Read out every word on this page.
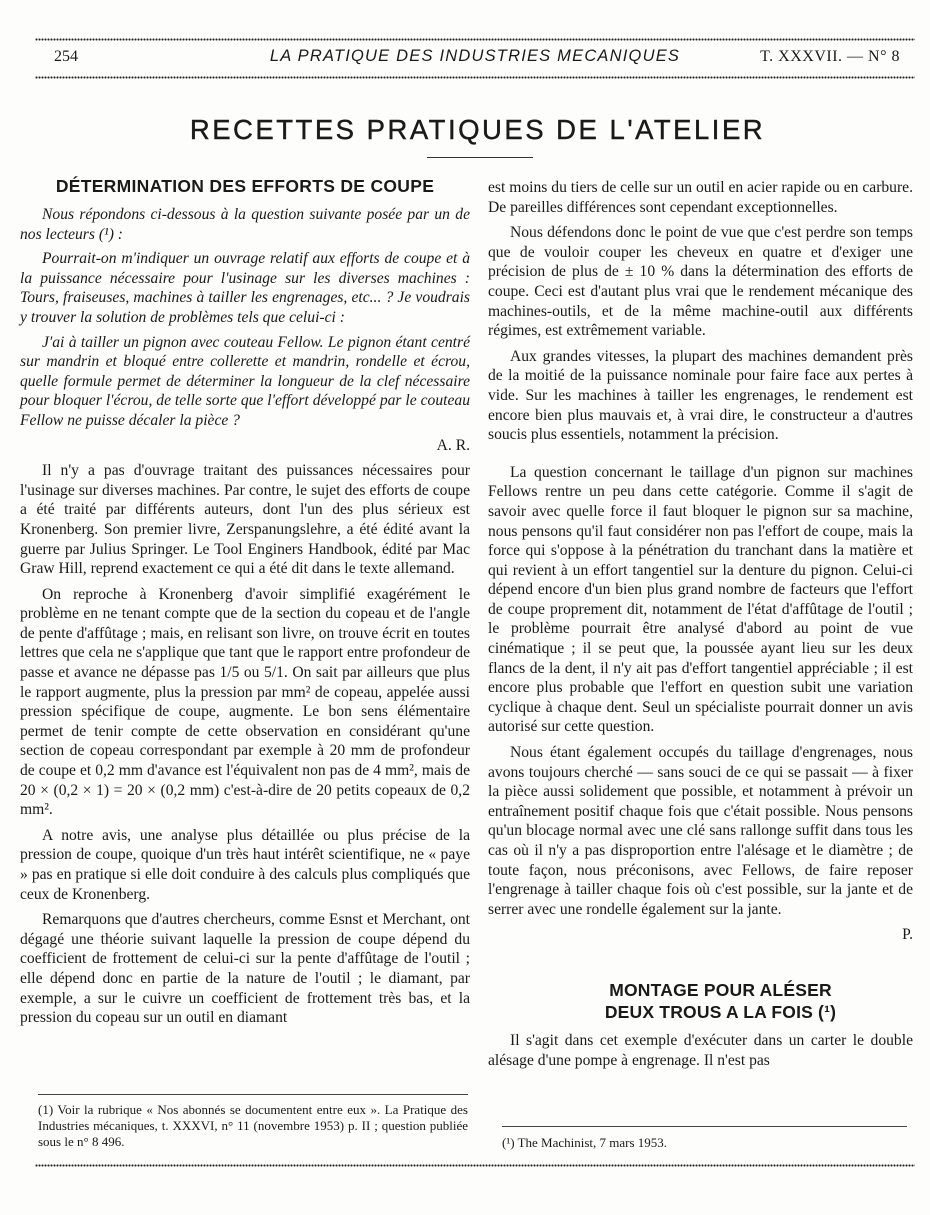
254	LA PRATIQUE DES INDUSTRIES MECANIQUES	T. XXXVII. — N° 8
RECETTES PRATIQUES DE L'ATELIER
DÉTERMINATION DES EFFORTS DE COUPE

Nous répondons ci-dessous à la question suivante posée par un de nos lecteurs (¹) :

Pourrait-on m'indiquer un ouvrage relatif aux efforts de coupe et à la puissance nécessaire pour l'usinage sur les diverses machines : Tours, fraiseuses, machines à tailler les engrenages, etc... ? Je voudrais y trouver la solution de problèmes tels que celui-ci :

J'ai à tailler un pignon avec couteau Fellow. Le pignon étant centré sur mandrin et bloqué entre collerette et mandrin, rondelle et écrou, quelle formule permet de déterminer la longueur de la clef nécessaire pour bloquer l'écrou, de telle sorte que l'effort développé par le couteau Fellow ne puisse décaler la pièce ?

A. R.

Il n'y a pas d'ouvrage traitant des puissances nécessaires pour l'usinage sur diverses machines. Par contre, le sujet des efforts de coupe a été traité par différents auteurs, dont l'un des plus sérieux est Kronenberg. Son premier livre, Zerspanungslehre, a été édité avant la guerre par Julius Springer. Le Tool Enginers Handbook, édité par Mac Graw Hill, reprend exactement ce qui a été dit dans le texte allemand.

On reproche à Kronenberg d'avoir simplifié exagérément le problème en ne tenant compte que de la section du copeau et de l'angle de pente d'affûtage ; mais, en relisant son livre, on trouve écrit en toutes lettres que cela ne s'applique que tant que le rapport entre profondeur de passe et avance ne dépasse pas 1/5 ou 5/1. On sait par ailleurs que plus le rapport augmente, plus la pression par mm² de copeau, appelée aussi pression spécifique de coupe, augmente. Le bon sens élémentaire permet de tenir compte de cette observation en considérant qu'une section de copeau correspondant par exemple à 20 mm de profondeur de coupe et 0,2 mm d'avance est l'équivalent non pas de 4 mm², mais de 20 × (0,2 × 1) = 20 × (0,2 mm) c'est-à-dire de 20 petits copeaux de 0,2 mm².

A notre avis, une analyse plus détaillée ou plus précise de la pression de coupe, quoique d'un très haut intérêt scientifique, ne « paye » pas en pratique si elle doit conduire à des calculs plus compliqués que ceux de Kronenberg.

Remarquons que d'autres chercheurs, comme Esnst et Merchant, ont dégagé une théorie suivant laquelle la pression de coupe dépend du coefficient de frottement de celui-ci sur la pente d'affûtage de l'outil ; elle dépend donc en partie de la nature de l'outil ; le diamant, par exemple, a sur le cuivre un coefficient de frottement très bas, et la pression du copeau sur un outil en diamant

(1) Voir la rubrique « Nos abonnés se documentent entre eux ». La Pratique des Industries mécaniques, t. XXXVI, n° 11 (novembre 1953) p. II ; question publiée sous le n° 8 496.

est moins du tiers de celle sur un outil en acier rapide ou en carbure. De pareilles différences sont cependant exceptionnelles.

Nous défendons donc le point de vue que c'est perdre son temps que de vouloir couper les cheveux en quatre et d'exiger une précision de plus de ± 10 % dans la détermination des efforts de coupe. Ceci est d'autant plus vrai que le rendement mécanique des machines-outils, et de la même machine-outil aux différents régimes, est extrêmement variable.

Aux grandes vitesses, la plupart des machines demandent près de la moitié de la puissance nominale pour faire face aux pertes à vide. Sur les machines à tailler les engrenages, le rendement est encore bien plus mauvais et, à vrai dire, le constructeur a d'autres soucis plus essentiels, notamment la précision.

La question concernant le taillage d'un pignon sur machines Fellows rentre un peu dans cette catégorie. Comme il s'agit de savoir avec quelle force il faut bloquer le pignon sur sa machine, nous pensons qu'il faut considérer non pas l'effort de coupe, mais la force qui s'oppose à la pénétration du tranchant dans la matière et qui revient à un effort tangentiel sur la denture du pignon. Celui-ci dépend encore d'un bien plus grand nombre de facteurs que l'effort de coupe proprement dit, notamment de l'état d'affûtage de l'outil ; le problème pourrait être analysé d'abord au point de vue cinématique ; il se peut que, la poussée ayant lieu sur les deux flancs de la dent, il n'y ait pas d'effort tangentiel appréciable ; il est encore plus probable que l'effort en question subit une variation cyclique à chaque dent. Seul un spécialiste pourrait donner un avis autorisé sur cette question.

Nous étant également occupés du taillage d'engrenages, nous avons toujours cherché — sans souci de ce qui se passait — à fixer la pièce aussi solidement que possible, et notamment à prévoir un entraînement positif chaque fois que c'était possible. Nous pensons qu'un blocage normal avec une clé sans rallonge suffit dans tous les cas où il n'y a pas disproportion entre l'alésage et le diamètre ; de toute façon, nous préconisons, avec Fellows, de faire reposer l'engrenage à tailler chaque fois où c'est possible, sur la jante et de serrer avec une rondelle également sur la jante.

P.

MONTAGE POUR ALÉSER
DEUX TROUS A LA FOIS (¹)

Il s'agit dans cet exemple d'exécuter dans un carter le double alésage d'une pompe à engrenage. Il n'est pas

(¹) The Machinist, 7 mars 1953.
